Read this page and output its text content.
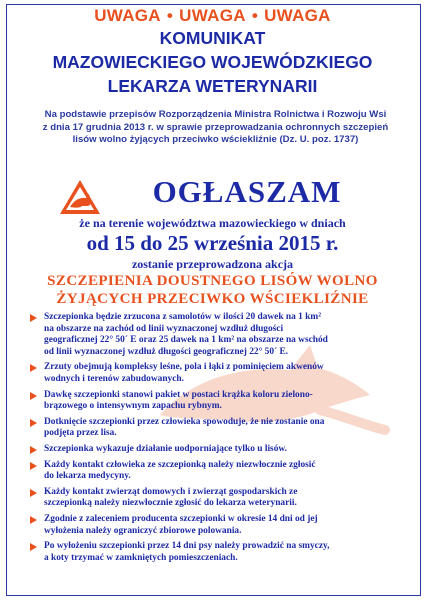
UWAGA • UWAGA • UWAGA
KOMUNIKAT
MAZOWIECKIEGO WOJEWÓDZKIEGO
LEKARZA WETERYNARII
Na podstawie przepisów Rozporządzenia Ministra Rolnictwa i Rozwoju Wsi
z dnia 17 grudnia 2013 r. w sprawie przeprowadzania ochronnych szczepień
lisów wolno żyjących przeciwko wściekliźnie (Dz. U. poz. 1737)
OGŁASZAM
że na terenie województwa mazowieckiego w dniach
od 15 do 25 września 2015 r.
zostanie przeprowadzona akcja
SZCZEPIENIA DOUSTNEGO LISÓW WOLNO
ŻYJĄCYCH PRZECIWKO WŚCIEKLIŹNIE
Szczepionka będzie zrzucona z samolotów w ilości 20 dawek na 1 km²
na obszarze na zachód od linii wyznaczonej wzdłuż długości
geograficznej 22° 50´ E oraz 25 dawek na 1 km² na obszarze na wschód
od linii wyznaczonej wzdłuż długości geograficznej 22° 50´ E.
Zrzuty obejmują kompleksy leśne, pola i łąki z pominięciem akwenów
wodnych i terenów zabudowanych.
Dawkę szczepionki stanowi pakiet w postaci krążka koloru zielono-
brązowego o intensywnym zapachu rybnym.
Dotknięcie szczepionki przez człowieka spowoduje, że nie zostanie ona
podjęta przez lisa.
Szczepionka wykazuje działanie uodporniające tylko u lisów.
Każdy kontakt człowieka ze szczepionką należy niezwłocznie zgłosić
do lekarza medycyny.
Każdy kontakt zwierząt domowych i zwierząt gospodarskich ze
szczepionką należy niezwłocznie zgłosić do lekarza weterynarii.
Zgodnie z zaleceniem producenta szczepionki w okresie 14 dni od jej
wyłożenia należy ograniczyć zbiorowe polowania.
Po wyłożeniu szczepionki przez 14 dni psy należy prowadzić na smyczy,
a koty trzymać w zamkniętych pomieszczeniach.
